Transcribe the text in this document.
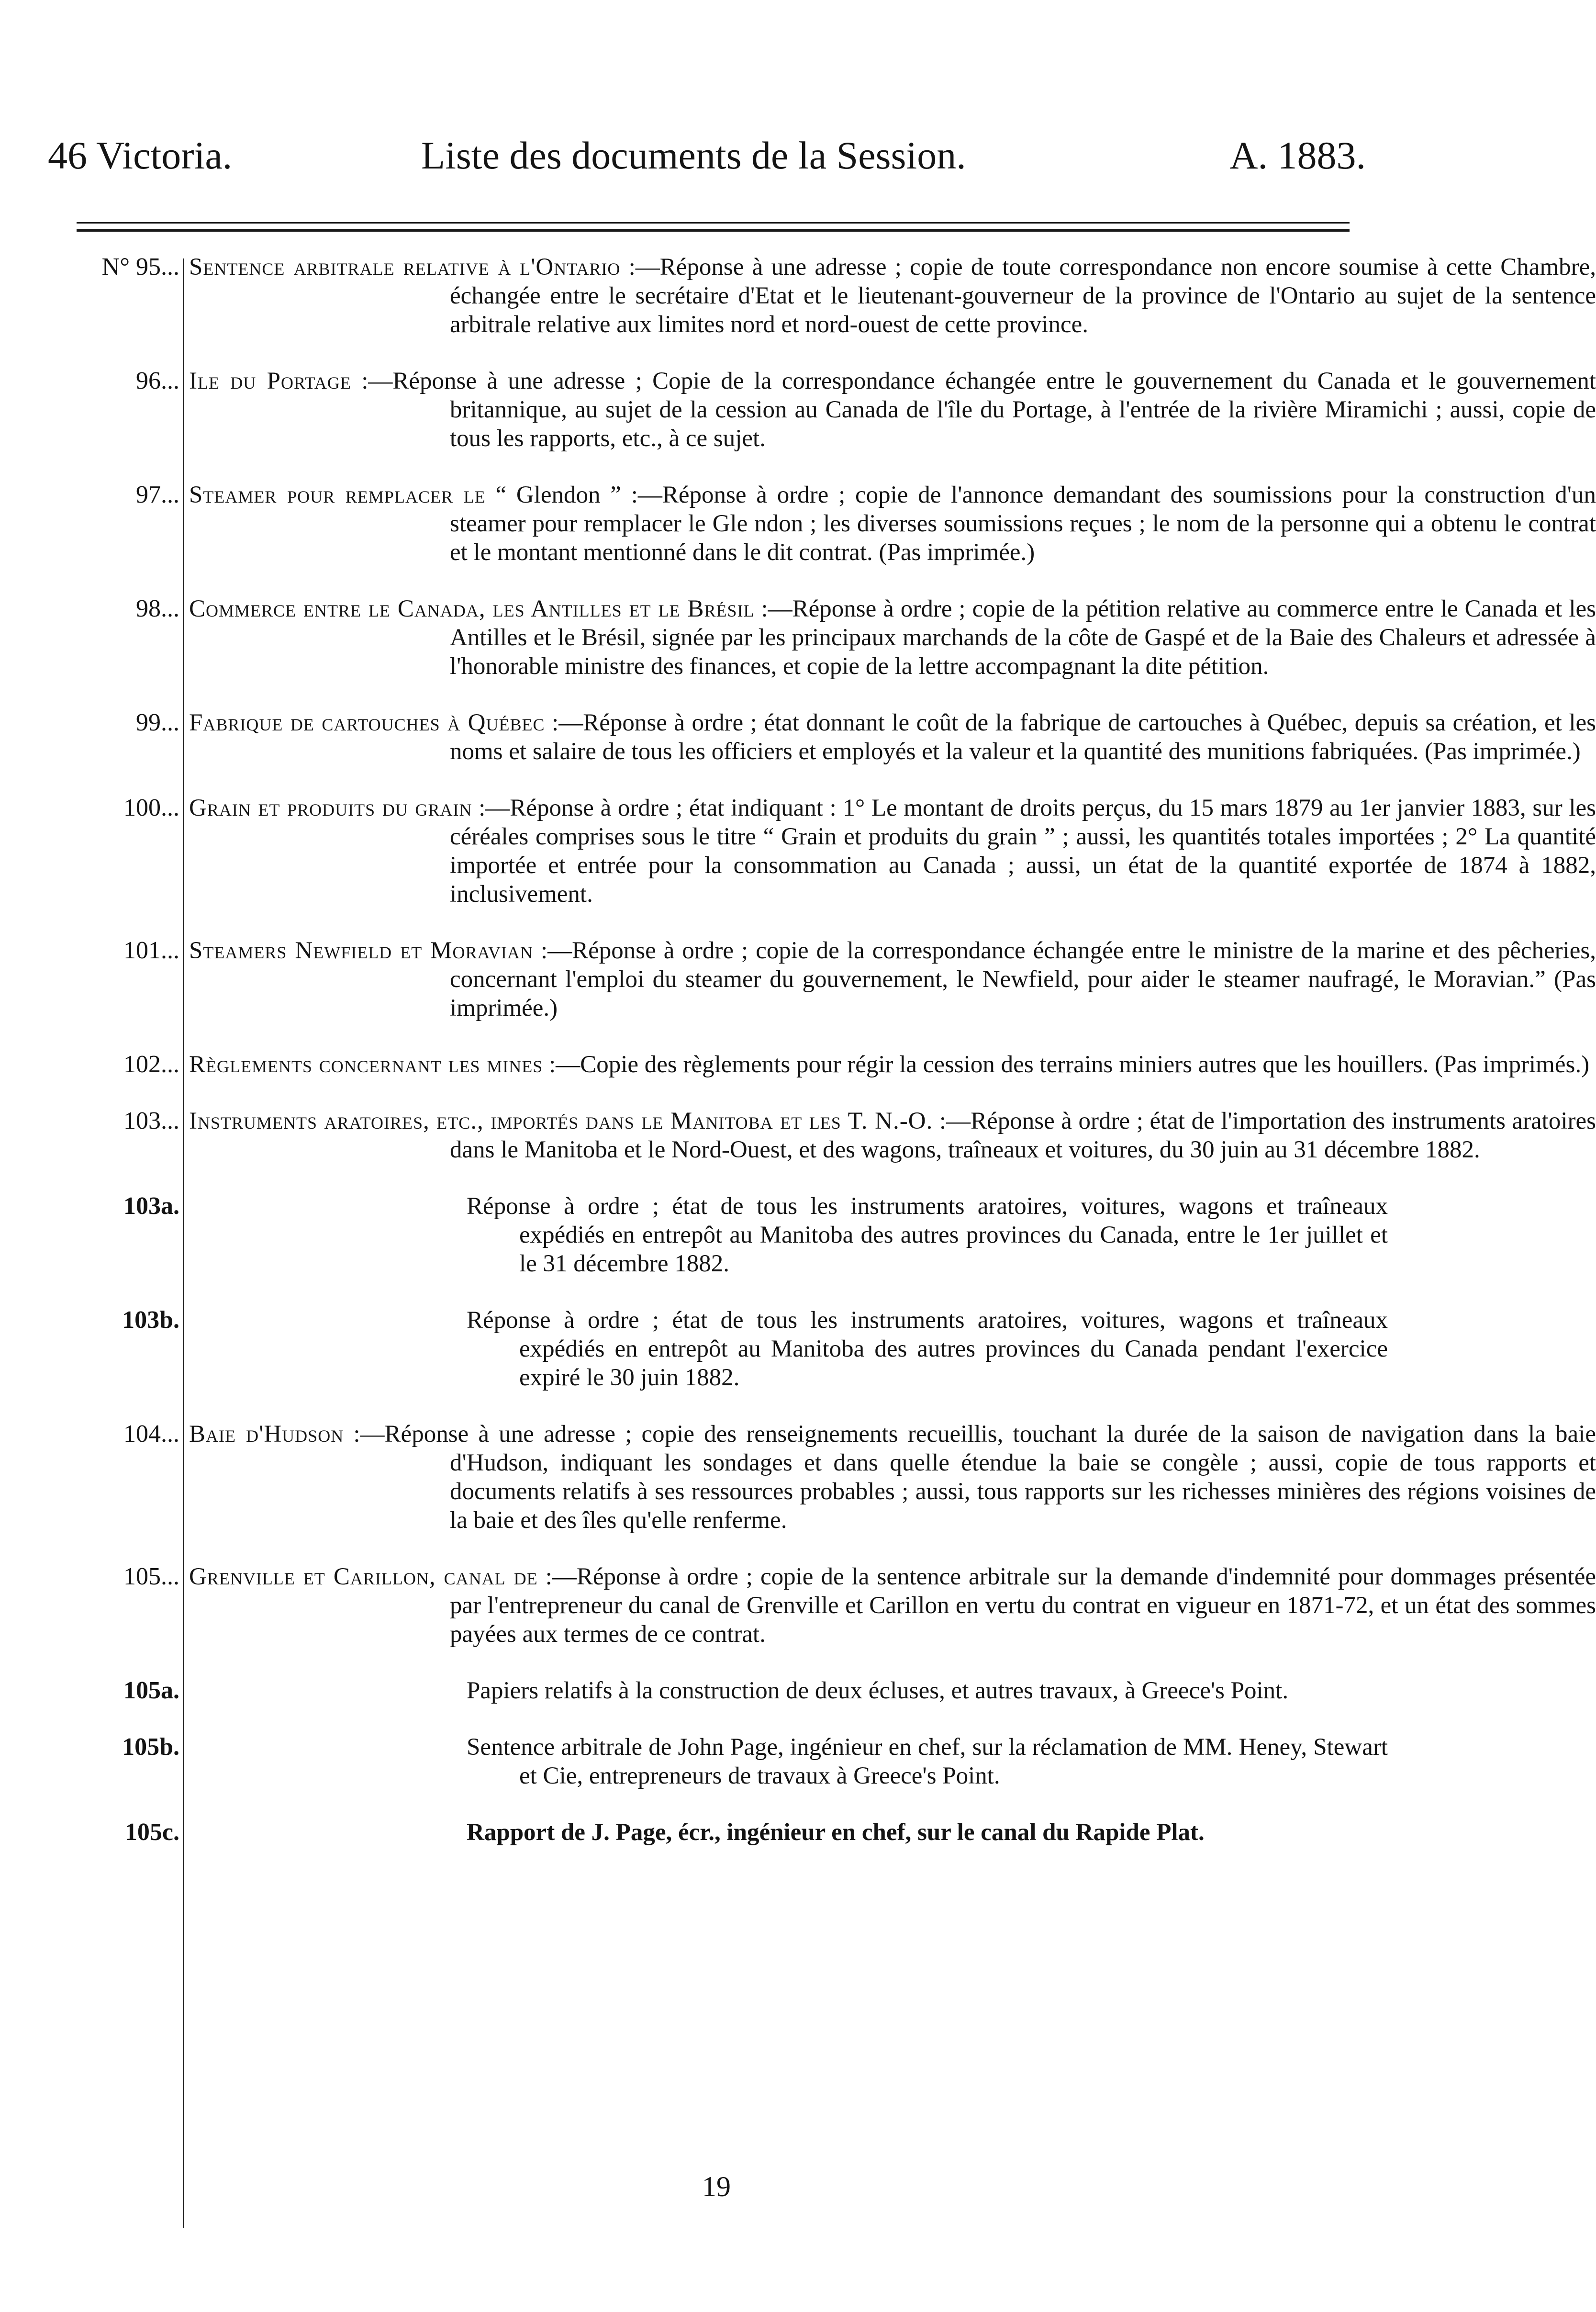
46 Victoria.	Liste des documents de la Session.	A. 1883.
N° 95... Sentence arbitrale relative à l'Ontario :—Réponse à une adresse ; copie de toute correspondance non encore soumise à cette Chambre, échangée entre le secrétaire d'Etat et le lieutenant-gouverneur de la province de l'Ontario au sujet de la sentence arbitrale relative aux limites nord et nord-ouest de cette province.
96... Ile du Portage :—Réponse à une adresse ; Copie de la correspondance échangée entre le gouvernement du Canada et le gouvernement britannique, au sujet de la cession au Canada de l'île du Portage, à l'entrée de la rivière Miramichi ; aussi, copie de tous les rapports, etc., à ce sujet.
97... Steamer pour remplacer le “ Glendon ” :—Réponse à ordre ; copie de l'annonce demandant des soumissions pour la construction d'un steamer pour remplacer le Gle ndon ; les diverses soumissions reçues ; le nom de la personne qui a obtenu le contrat et le montant mentionné dans le dit contrat. (Pas imprimée.)
98... Commerce entre le Canada, les Antilles et le Brésil :—Réponse à ordre ; copie de la pétition relative au commerce entre le Canada et les Antilles et le Brésil, signée par les principaux marchands de la côte de Gaspé et de la Baie des Chaleurs et adressée à l'honorable ministre des finances, et copie de la lettre accompagnant la dite pétition.
99... Fabrique de cartouches à Québec :—Réponse à ordre ; état donnant le coût de la fabrique de cartouches à Québec, depuis sa création, et les noms et salaire de tous les officiers et employés et la valeur et la quantité des munitions fabriquées. (Pas imprimée.)
100... Grain et produits du grain :—Réponse à ordre ; état indiquant : 1° Le montant de droits perçus, du 15 mars 1879 au 1er janvier 1883, sur les céréales comprises sous le titre “ Grain et produits du grain ” ; aussi, les quantités totales importées ; 2° La quantité importée et entrée pour la consommation au Canada ; aussi, un état de la quantité exportée de 1874 à 1882, inclusivement.
101... Steamers Newfield et Moravian :—Réponse à ordre ; copie de la correspondance échangée entre le ministre de la marine et des pêcheries, concernant l'emploi du steamer du gouvernement, le Newfield, pour aider le steamer naufragé, le Moravian.” (Pas imprimée.)
102... Règlements concernant les mines :—Copie des règlements pour régir la cession des terrains miniers autres que les houillers. (Pas imprimés.)
103... Instruments aratoires, etc., importés dans le Manitoba et les T. N.-O. :—Réponse à ordre ; état de l'importation des instruments aratoires dans le Manitoba et le Nord-Ouest, et des wagons, traîneaux et voitures, du 30 juin au 31 décembre 1882.
103a.	Réponse à ordre ; état de tous les instruments aratoires, voitures, wagons et traîneaux expédiés en entrepôt au Manitoba des autres provinces du Canada, entre le 1er juillet et le 31 décembre 1882.
103b.	Réponse à ordre ; état de tous les instruments aratoires, voitures, wagons et traîneaux expédiés en entrepôt au Manitoba des autres provinces du Canada pendant l'exercice expiré le 30 juin 1882.
104... Baie d'Hudson :—Réponse à une adresse ; copie des renseignements recueillis, touchant la durée de la saison de navigation dans la baie d'Hudson, indiquant les sondages et dans quelle étendue la baie se congèle ; aussi, copie de tous rapports et documents relatifs à ses ressources probables ; aussi, tous rapports sur les richesses minières des régions voisines de la baie et des îles qu'elle renferme.
105... Grenville et Carillon, canal de :—Réponse à ordre ; copie de la sentence arbitrale sur la demande d'indemnité pour dommages présentée par l'entrepreneur du canal de Grenville et Carillon en vertu du contrat en vigueur en 1871-72, et un état des sommes payées aux termes de ce contrat.
105a.	Papiers relatifs à la construction de deux écluses, et autres travaux, à Greece's Point.
105b.	Sentence arbitrale de John Page, ingénieur en chef, sur la réclamation de MM. Heney, Stewart et Cie, entrepreneurs de travaux à Greece's Point.
105c.	Rapport de J. Page, écr., ingénieur en chef, sur le canal du Rapide Plat.
19
